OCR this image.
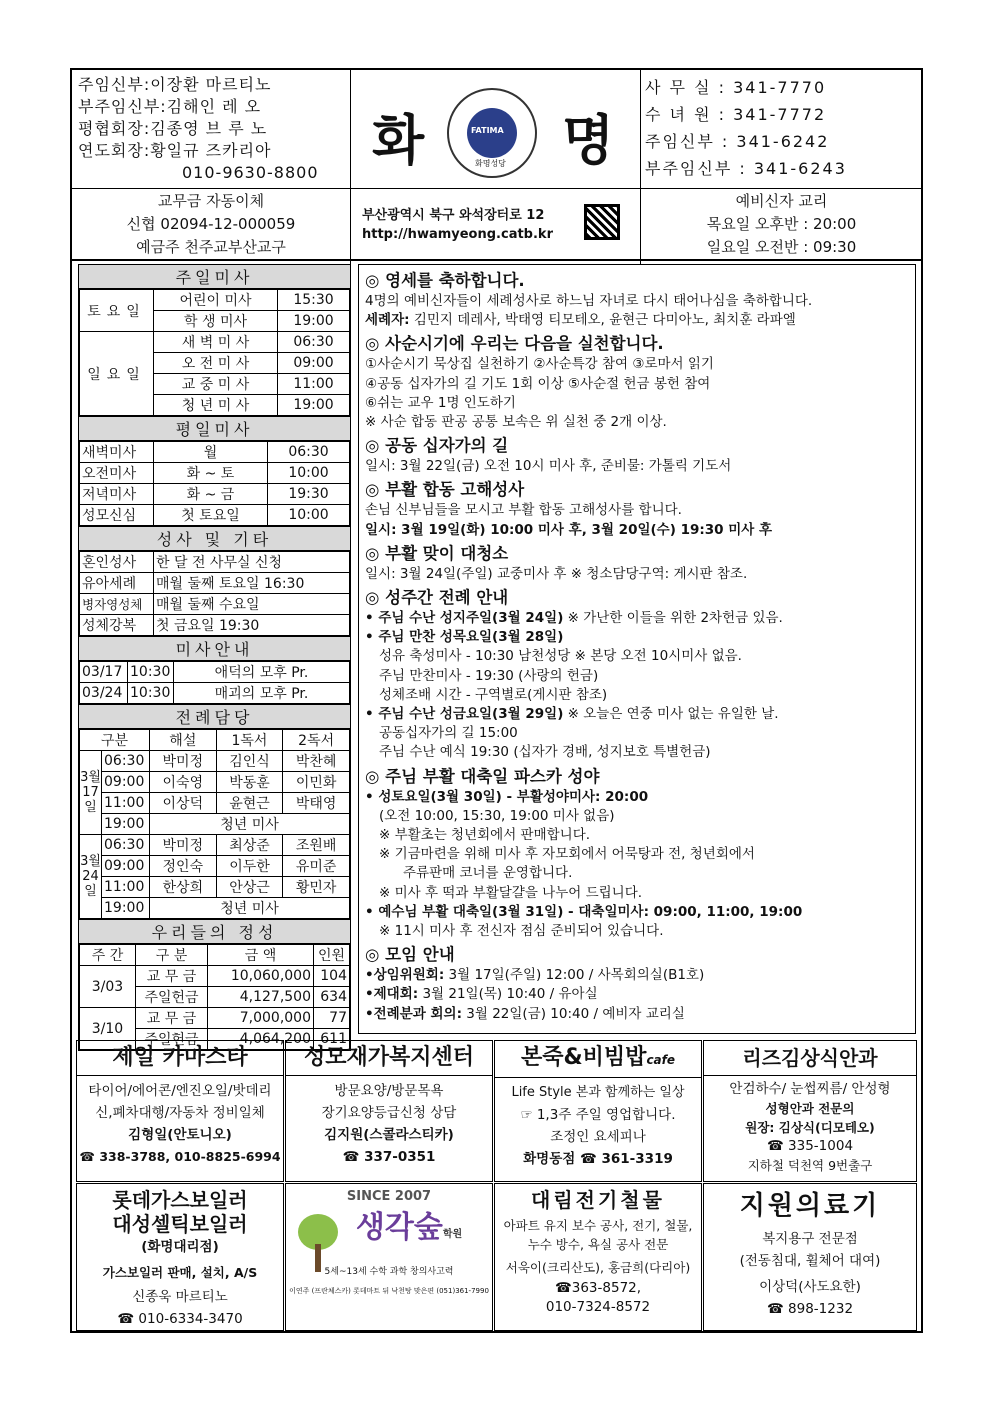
주임신부:이장환 마르티노
부주임신부:김해인 레 오
평협회장:김종영 브 루 노
연도회장:황일규 즈카리아
010-9630-8800
화	FATIMA
화명성당 명
사 무 실 : 341-7770
수 녀 원 : 341-7772
주임신부 : 341-6242
부주임신부 : 341-6243
교무금 자동이체
신협 02094-12-000059
예금주 천주교부산교구
부산광역시 북구 와석장터로 12
http://hwamyeong.catb.kr
예비신자 교리
목요일 오후반 : 20:00
일요일 오전반 : 09:30
주일미사
토요일	어린이 미사	15:30
	학 생 미사	19:00
일요일	새 벽 미 사	06:30
	오 전 미 사	09:00
	교 중 미 사	11:00
	청 년 미 사	19:00
평일미사
새벽미사	월	06:30
오전미사	화 ~ 토	10:00
저녁미사	화 ~ 금	19:30
성모신심	첫 토요일	10:00
성사 및 기타
혼인성사	한 달 전 사무실 신청
유아세례	매월 둘째 토요일 16:30
병자영성체	매월 둘째 수요일
성체강복	첫 금요일 19:30
미사안내
03/17	10:30	애덕의 모후 Pr.
03/24	10:30	매괴의 모후 Pr.
전례담당
구분		해설	1독서	2독서
3월17일	06:30	박미정	김인식	박찬혜
	09:00	이숙영	박동훈	이민화
	11:00	이상덕	윤현근	박태영
	19:00	청년 미사		
3월24일	06:30	박미정	최상준	조원배
	09:00	정인숙	이두한	유미준
	11:00	한상희	안상근	황민자
	19:00	청년 미사		
우리들의 정성
주 간	구 분	금 액	인원
3/03	교 무 금	10,060,000	104
	주일헌금	4,127,500	634
3/10	교 무 금	7,000,000	77
	주일헌금	4,064,200	611
◎ 영세를 축하합니다.
4명의 예비신자들이 세례성사로 하느님 자녀로 다시 태어나심을 축하합니다.
세례자: 김민지 데레사, 박태영 티모테오, 윤현근 다미아노, 최치훈 라파엘
◎ 사순시기에 우리는 다음을 실천합니다.
①사순시기 묵상집 실천하기 ②사순특강 참여 ③로마서 읽기
④공동 십자가의 길 기도 1회 이상 ⑤사순절 헌금 봉헌 참여
⑥쉬는 교우 1명 인도하기
※ 사순 합동 판공 공통 보속은 위 실천 중 2개 이상.
◎ 공동 십자가의 길
일시: 3월 22일(금) 오전 10시 미사 후, 준비물: 가톨릭 기도서
◎ 부활 합동 고해성사
손님 신부님들을 모시고 부활 합동 고해성사를 합니다.
일시: 3월 19일(화) 10:00 미사 후, 3월 20일(수) 19:30 미사 후
◎ 부활 맞이 대청소
일시: 3월 24일(주일) 교중미사 후 ※ 청소담당구역: 게시판 참조.
◎ 성주간 전례 안내
• 주님 수난 성지주일(3월 24일) ※ 가난한 이들을 위한 2차헌금 있음.
• 주님 만찬 성목요일(3월 28일)
성유 축성미사 - 10:30 남천성당 ※ 본당 오전 10시미사 없음.
주님 만찬미사 - 19:30 (사랑의 헌금)
성체조배 시간 - 구역별로(게시판 참조)
• 주님 수난 성금요일(3월 29일) ※ 오늘은 연중 미사 없는 유일한 날.
공동십자가의 길 15:00
주님 수난 예식 19:30 (십자가 경배, 성지보호 특별헌금)
◎ 주님 부활 대축일 파스카 성야
• 성토요일(3월 30일) - 부활성야미사: 20:00
(오전 10:00, 15:30, 19:00 미사 없음)
※ 부활초는 청년회에서 판매합니다.
※ 기금마련을 위해 미사 후 자모회에서 어묵탕과 전, 청년회에서
주류판매 코너를 운영합니다.
※ 미사 후 떡과 부활달걀을 나누어 드립니다.
• 예수님 부활 대축일(3월 31일) - 대축일미사: 09:00, 11:00, 19:00
※ 11시 미사 후 전신자 점심 준비되어 있습니다.
◎ 모임 안내
•상임위원회: 3월 17일(주일) 12:00 / 사목회의실(B1호)
•제대회: 3월 21일(목) 10:40 / 유아실
•전례분과 회의: 3월 22일(금) 10:40 / 예비자 교리실
제일 카마스타
타이어/에어콘/엔진오일/밧데리
신,폐차대행/자동차 정비일체
김형일(안토니오)
☎ 338-3788, 010-8825-6994
성모재가복지센터
방문요양/방문목욕
장기요양등급신청 상담
김지원(스콜라스티카)
☎ 337-0351
본죽&비빔밥cafe
Life Style 본과 함께하는 일상
☞ 1,3주 주일 영업합니다.
조정인 요세피나
화명동점 ☎ 361-3319
리즈김상식안과
안검하수/ 눈썹찌름/ 안성형
성형안과 전문의
원장: 김상식(디모테오)
☎ 335-1004
지하철 덕천역 9번출구
롯데가스보일러
대성셀틱보일러
(화명대리점)
가스보일러 판매, 설치, A/S
신종욱 마르티노
☎ 010-6334-3470
SINCE 2007
생각숲학원
5세~13세 수학 과학 창의사고력
이연주 (프란체스카) 롯데마트 뒤 낙천탕 맞은편 (051)361-7990
대림전기철물
아파트 유지 보수 공사, 전기, 철물,
누수 방수, 욕실 공사 전문
서욱이(크리산도), 홍금희(다리아)
☎363-8572,
010-7324-8572
지원의료기
복지용구 전문점
(전동침대, 휠체어 대여)
이상덕(사도요한)
☎ 898-1232
